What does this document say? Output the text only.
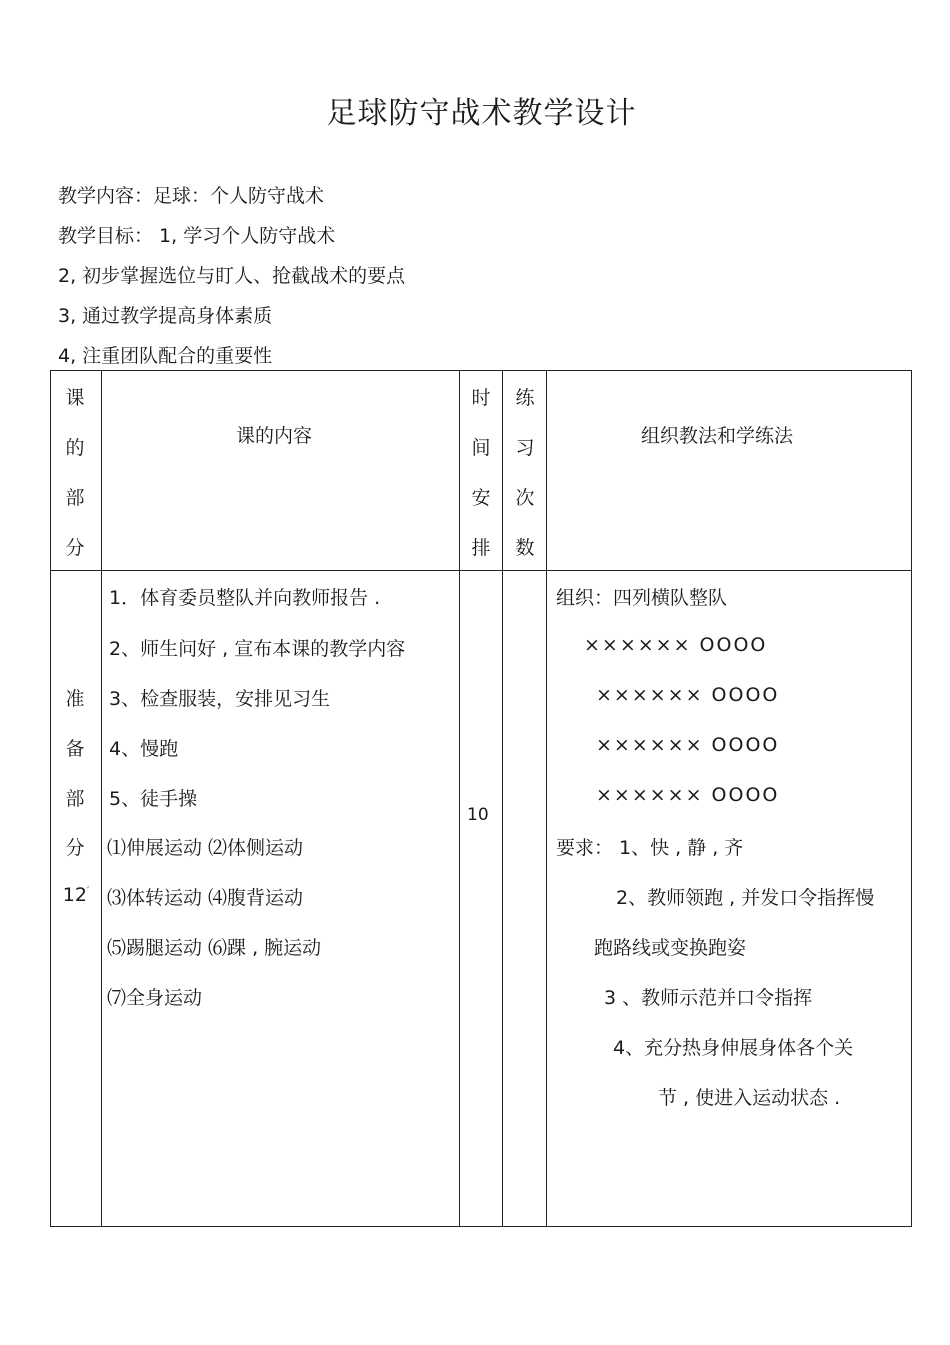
足球防守战术教学设计
教学内容：足球：个人防守战术
教学目标： 1, 学习个人防守战术
2, 初步掌握选位与盯人、抢截战术的要点
3, 通过教学提高身体素质
4, 注重团队配合的重要性
课
的
部
分
课的内容
时
间
安
排
练
习
次
数
组织教法和学练法
准
备
部
分
12′
1．体育委员整队并向教师报告 .
2、师生问好 , 宣布本课的教学内容
3、检查服装，安排见习生
4、慢跑
5、徒手操
⑴伸展运动 ⑵体侧运动
⑶体转运动 ⑷腹背运动
⑸踢腿运动 ⑹踝 , 腕运动
⑺全身运动
10
组织：四列横队整队
×××××× OOOO
×××××× OOOO
×××××× OOOO
×××××× OOOO
要求： 1、快 , 静 , 齐
2、教师领跑 , 并发口令指挥慢
跑路线或变换跑姿
3 、教师示范并口令指挥
4、充分热身伸展身体各个关
节 , 使进入运动状态 .
